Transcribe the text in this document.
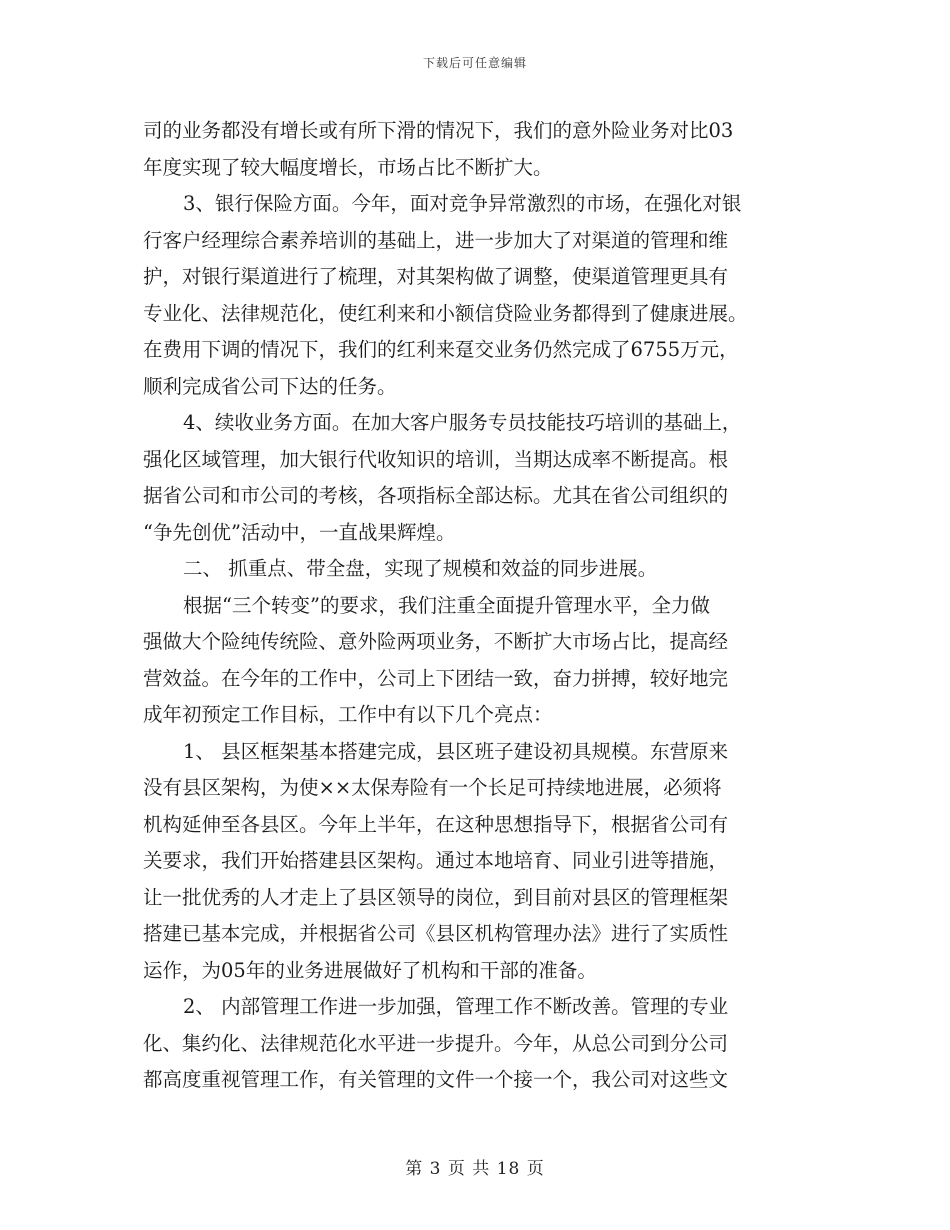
下载后可任意编辑
司的业务都没有增长或有所下滑的情况下，我们的意外险业务对比03
年度实现了较大幅度增长，市场占比不断扩大。
3、银行保险方面。今年，面对竞争异常激烈的市场，在强化对银
行客户经理综合素养培训的基础上，进一步加大了对渠道的管理和维
护，对银行渠道进行了梳理，对其架构做了调整，使渠道管理更具有
专业化、法律规范化，使红利来和小额信贷险业务都得到了健康进展。
在费用下调的情况下，我们的红利来趸交业务仍然完成了6755万元，
顺利完成省公司下达的任务。
4、续收业务方面。在加大客户服务专员技能技巧培训的基础上，
强化区域管理，加大银行代收知识的培训，当期达成率不断提高。根
据省公司和市公司的考核，各项指标全部达标。尤其在省公司组织的
“争先创优”活动中，一直战果辉煌。
二、 抓重点、带全盘，实现了规模和效益的同步进展。
根据“三个转变”的要求，我们注重全面提升管理水平，全力做
强做大个险纯传统险、意外险两项业务，不断扩大市场占比，提高经
营效益。在今年的工作中，公司上下团结一致，奋力拼搏，较好地完
成年初预定工作目标，工作中有以下几个亮点：
1、 县区框架基本搭建完成，县区班子建设初具规模。东营原来
没有县区架构，为使××太保寿险有一个长足可持续地进展，必须将
机构延伸至各县区。今年上半年，在这种思想指导下，根据省公司有
关要求，我们开始搭建县区架构。通过本地培育、同业引进等措施，
让一批优秀的人才走上了县区领导的岗位，到目前对县区的管理框架
搭建已基本完成，并根据省公司《县区机构管理办法》进行了实质性
运作，为05年的业务进展做好了机构和干部的准备。
2、 内部管理工作进一步加强，管理工作不断改善。管理的专业
化、集约化、法律规范化水平进一步提升。今年，从总公司到分公司
都高度重视管理工作，有关管理的文件一个接一个，我公司对这些文
第 3 页 共 18 页
